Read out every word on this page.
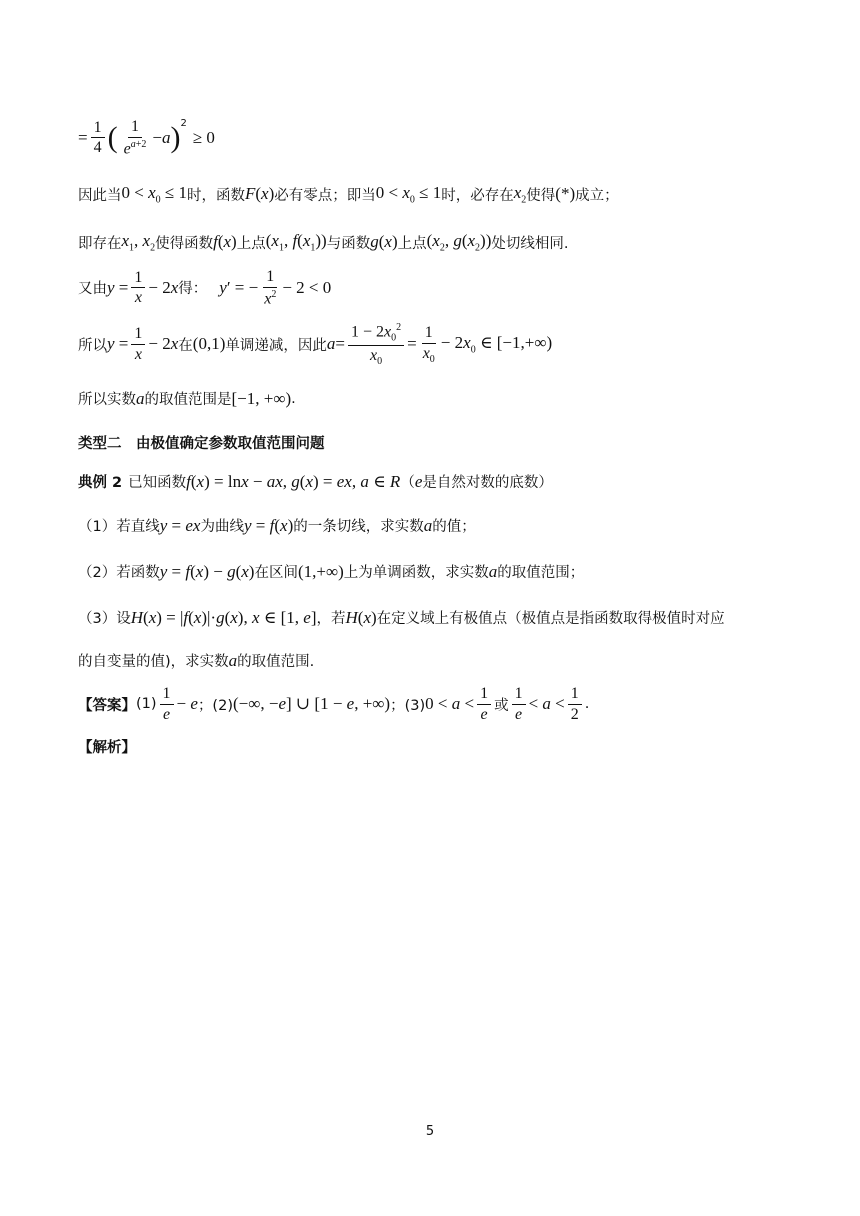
= $\frac{1}{4}$ ( $\frac{1}{e^{a+2}} - a$ )$^2$
≥ 0
因此当 $0 < x_0 \le 1$ 时，函数 F (x) 必有零点；即当 $0 < x_0 \le 1$ 时，必存在 $x_2$ 使得 (*) 成立；
即存在 $x_1$, $x_2$ 使得函数 f(x) 上点 ($x_1$, $f(x_1)$) 与函数 g(x) 上点 ($x_2$, $g(x_2)$) 处切线相同.
又由 $y = \frac{1}{x} - 2x$ 得： y′ = − $\frac{1}{x^2} - 2 < 0$
所以 $y = \frac{1}{x} - 2x$ 在 (0,1) 单调递减，因此 $a= \frac{1 - 2x_0^2}{x_0} = \frac{1}{x_0} - 2x_0$ ∈ [−1,+∞)
所以实数 a 的取值范围是 [−1, +∞) .
类型二　由极值确定参数取值范围问题
典例 2 已知函数 f(x) = lnx − ax, g(x) = ex, a ∈ R （ e 是自然对数的底数）
（1）若直线 y = ex 为曲线 y = f(x) 的一条切线，求实数 a 的值；
（2）若函数 y = f(x) − g(x) 在区间 (1,+∞) 上为单调函数，求实数 a 的取值范围；
（3）设 H(x) = |f(x)|·g(x), x ∈ [1, e] ，若 H(x) 在定义域上有极值点（极值点是指函数取得极值时对应
的自变量的值)，求实数 a 的取值范围.
【答案】 $(1) \frac{1}{e} - e$ ；(2) (−∞, −e] ∪ [1 − e, +∞) ；(3) $0 < a < \frac{1}{e}$ 或 $\frac{1}{e} < a < \frac{1}{2}$ .
【解析】
5
